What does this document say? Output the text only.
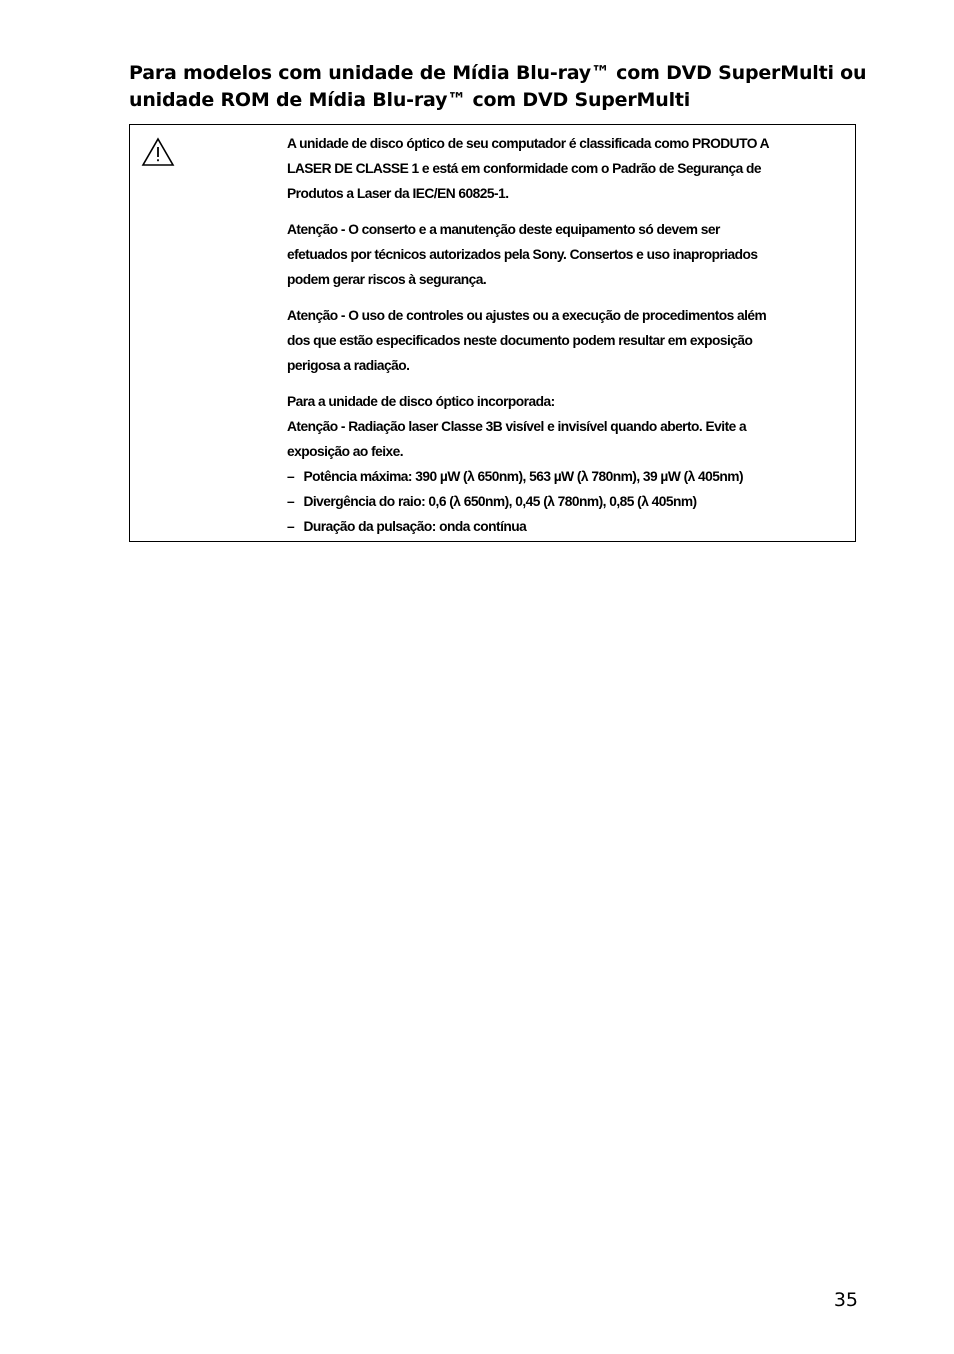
Para modelos com unidade de Mídia Blu-ray™ com DVD SuperMulti ou
unidade ROM de Mídia Blu-ray™ com DVD SuperMulti
A unidade de disco óptico de seu computador é classificada como PRODUTO A
LASER DE CLASSE 1 e está em conformidade com o Padrão de Segurança de
Produtos a Laser da IEC/EN 60825-1.
Atenção - O conserto e a manutenção deste equipamento só devem ser
efetuados por técnicos autorizados pela Sony. Consertos e uso inapropriados
podem gerar riscos à segurança.
Atenção - O uso de controles ou ajustes ou a execução de procedimentos além
dos que estão especificados neste documento podem resultar em exposição
perigosa a radiação.
Para a unidade de disco óptico incorporada:
Atenção - Radiação laser Classe 3B visível e invisível quando aberto. Evite a
exposição ao feixe.
– Potência máxima: 390 µW (λ 650nm), 563 µW (λ 780nm), 39 µW (λ 405nm)
– Divergência do raio: 0,6 (λ 650nm), 0,45 (λ 780nm), 0,85 (λ 405nm)
– Duração da pulsação: onda contínua
35
